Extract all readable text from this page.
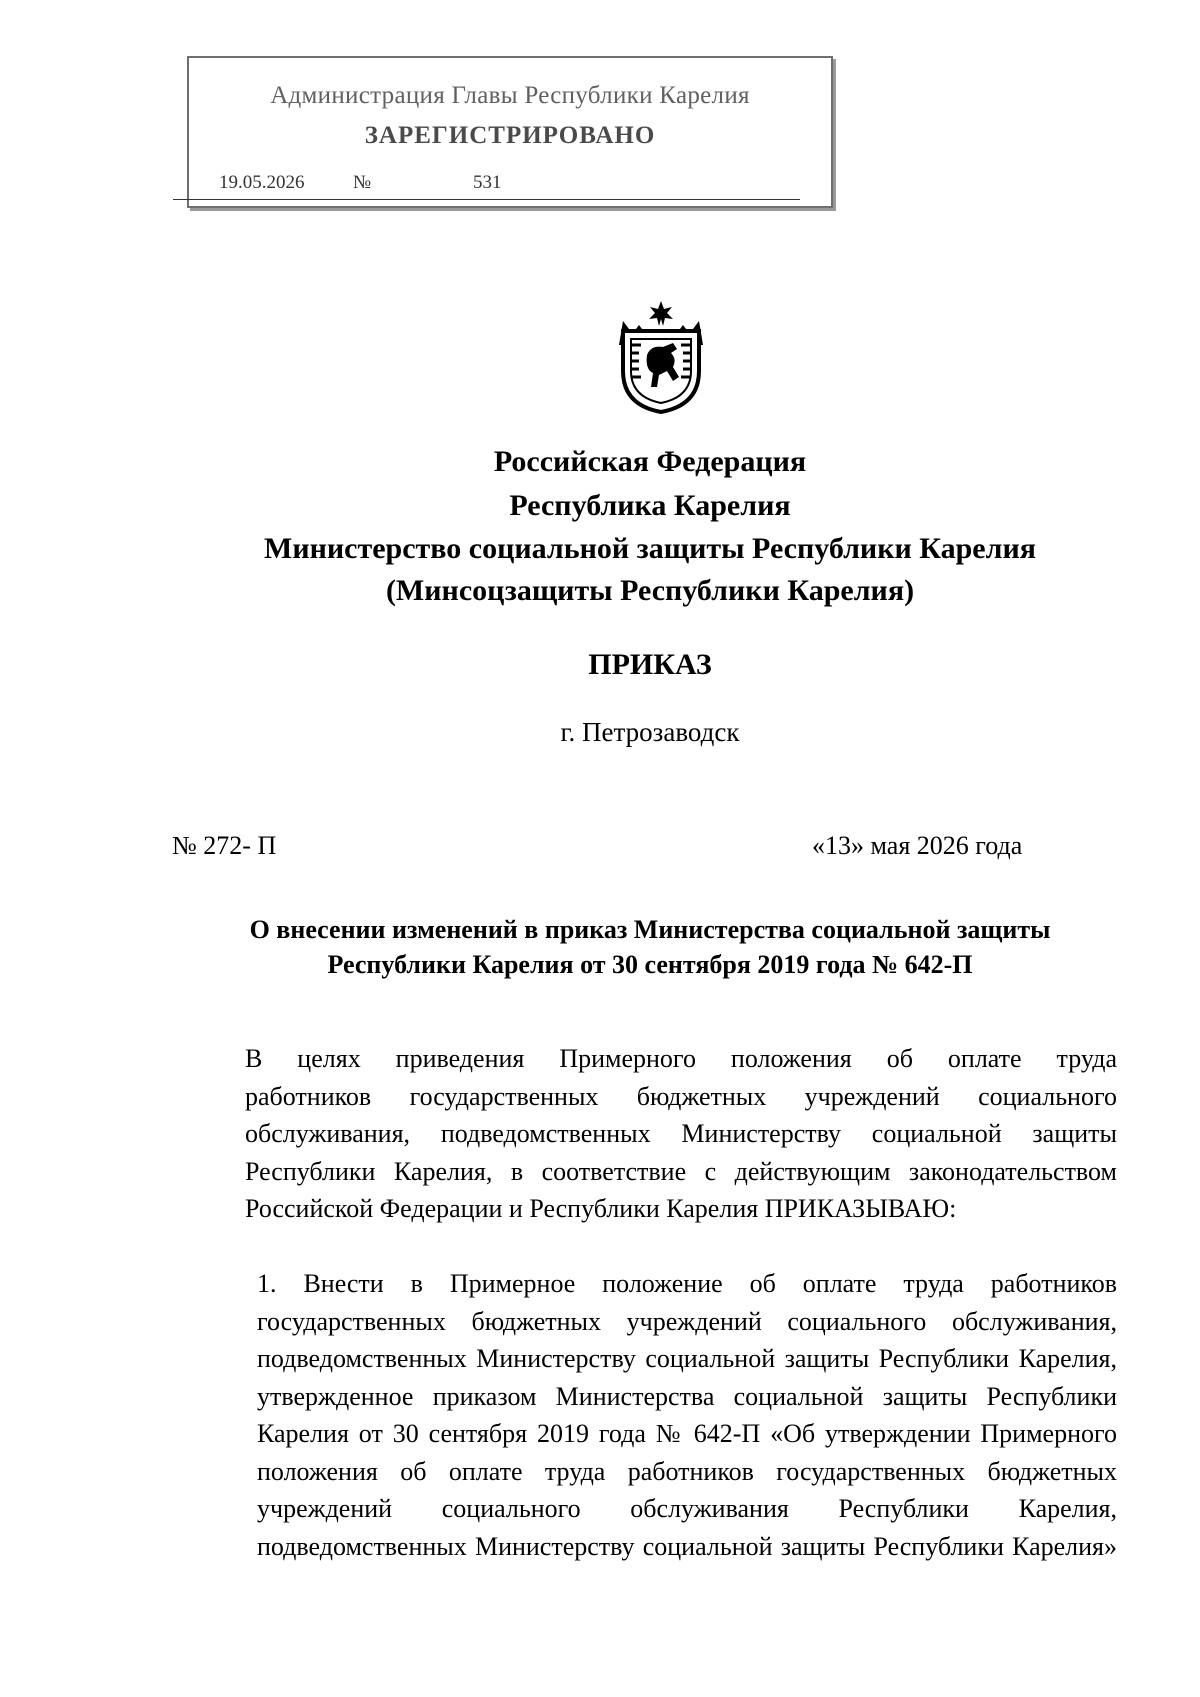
Администрация Главы Республики Карелия
ЗАРЕГИСТРИРОВАНО
19.05.2026	№	531
Российская Федерация
Республика Карелия
Министерство социальной защиты Республики Карелия
(Минсоцзащиты Республики Карелия)
ПРИКАЗ
г. Петрозаводск
№ 272- П	«13» мая 2026 года
О внесении изменений в приказ Министерства социальной защиты
Республики Карелия от 30 сентября 2019 года № 642-П
В целях приведения Примерного положения об оплате труда
работников государственных бюджетных учреждений социального
обслуживания, подведомственных Министерству социальной защиты
Республики Карелия, в соответствие с действующим законодательством
Российской Федерации и Республики Карелия ПРИКАЗЫВАЮ:
1. Внести в Примерное положение об оплате труда работников
государственных бюджетных учреждений социального обслуживания,
подведомственных Министерству социальной защиты Республики Карелия,
утвержденное приказом Министерства социальной защиты Республики
Карелия от 30 сентября 2019 года № 642-П «Об утверждении Примерного
положения об оплате труда работников государственных бюджетных
учреждений социального обслуживания Республики Карелия,
подведомственных Министерству социальной защиты Республики Карелия»
